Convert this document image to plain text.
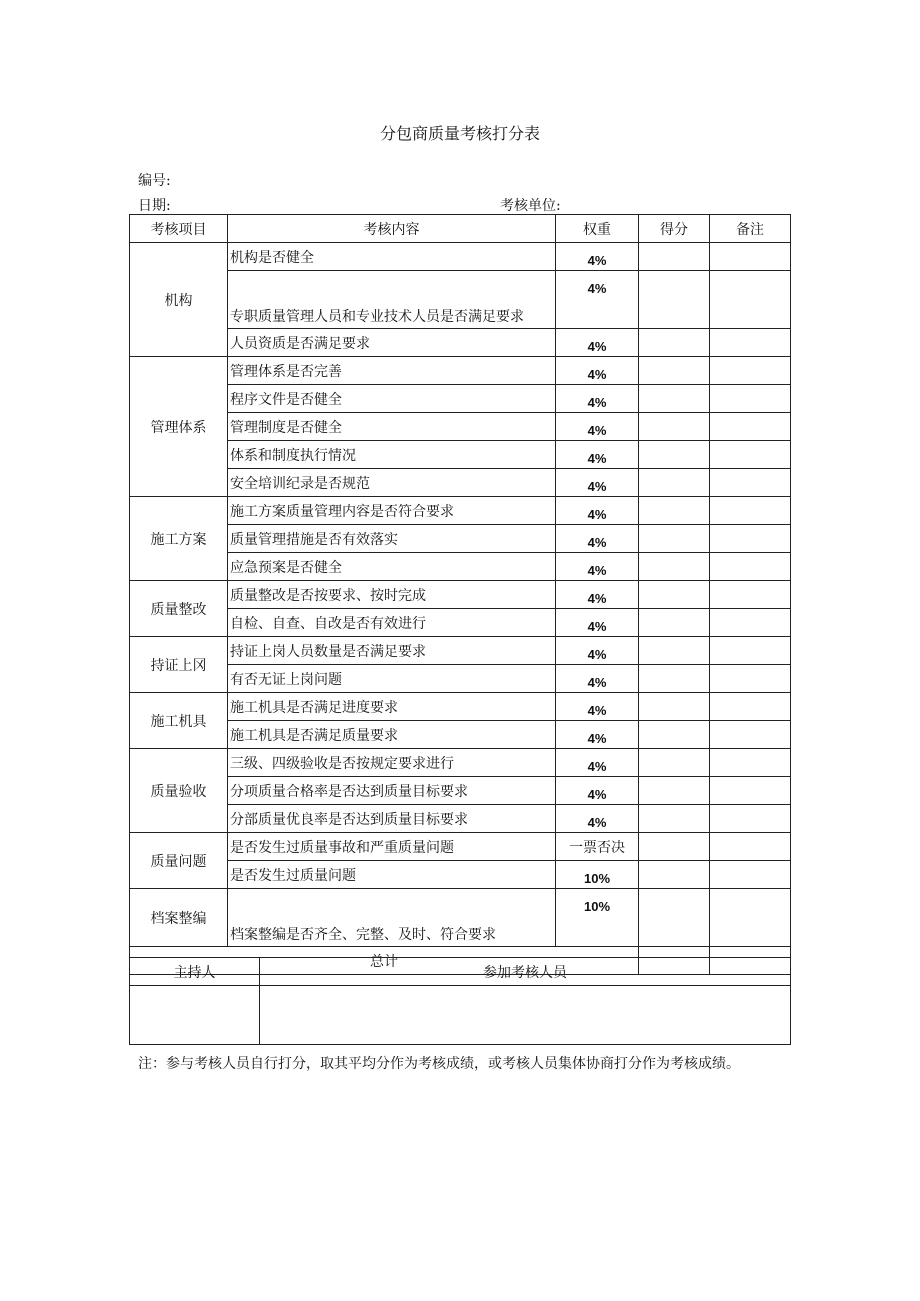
分包商质量考核打分表
编号:
日期:	考核单位:
考核项目	考核内容	权重	得分	备注
机构	机构是否健全	4%		
	专职质量管理人员和专业技术人员是否满足要求	4%		
	人员资质是否满足要求	4%		
管理体系	管理体系是否完善	4%		
	程序文件是否健全	4%		
	管理制度是否健全	4%		
	体系和制度执行情况	4%		
	安全培训纪录是否规范	4%		
施工方案	施工方案质量管理内容是否符合要求	4%		
	质量管理措施是否有效落实	4%		
	应急预案是否健全	4%		
质量整改	质量整改是否按要求、按时完成	4%		
	自检、自查、自改是否有效进行	4%		
持证上冈	持证上岗人员数量是否满足要求	4%		
	有否无证上岗问题	4%		
施工机具	施工机具是否满足进度要求	4%		
	施工机具是否满足质量要求	4%		
质量验收	三级、四级验收是否按规定要求进行	4%		
	分项质量合格率是否达到质量目标要求	4%		
	分部质量优良率是否达到质量目标要求	4%		
质量问题	是否发生过质量事故和严重质量问题	一票否决		
	是否发生过质量问题	10%		
档案整编	档案整编是否齐全、完整、及时、符合要求	10%		
总计				
主持人	参加考核人员

注：参与考核人员自行打分，取其平均分作为考核成绩，或考核人员集体协商打分作为考核成绩。
